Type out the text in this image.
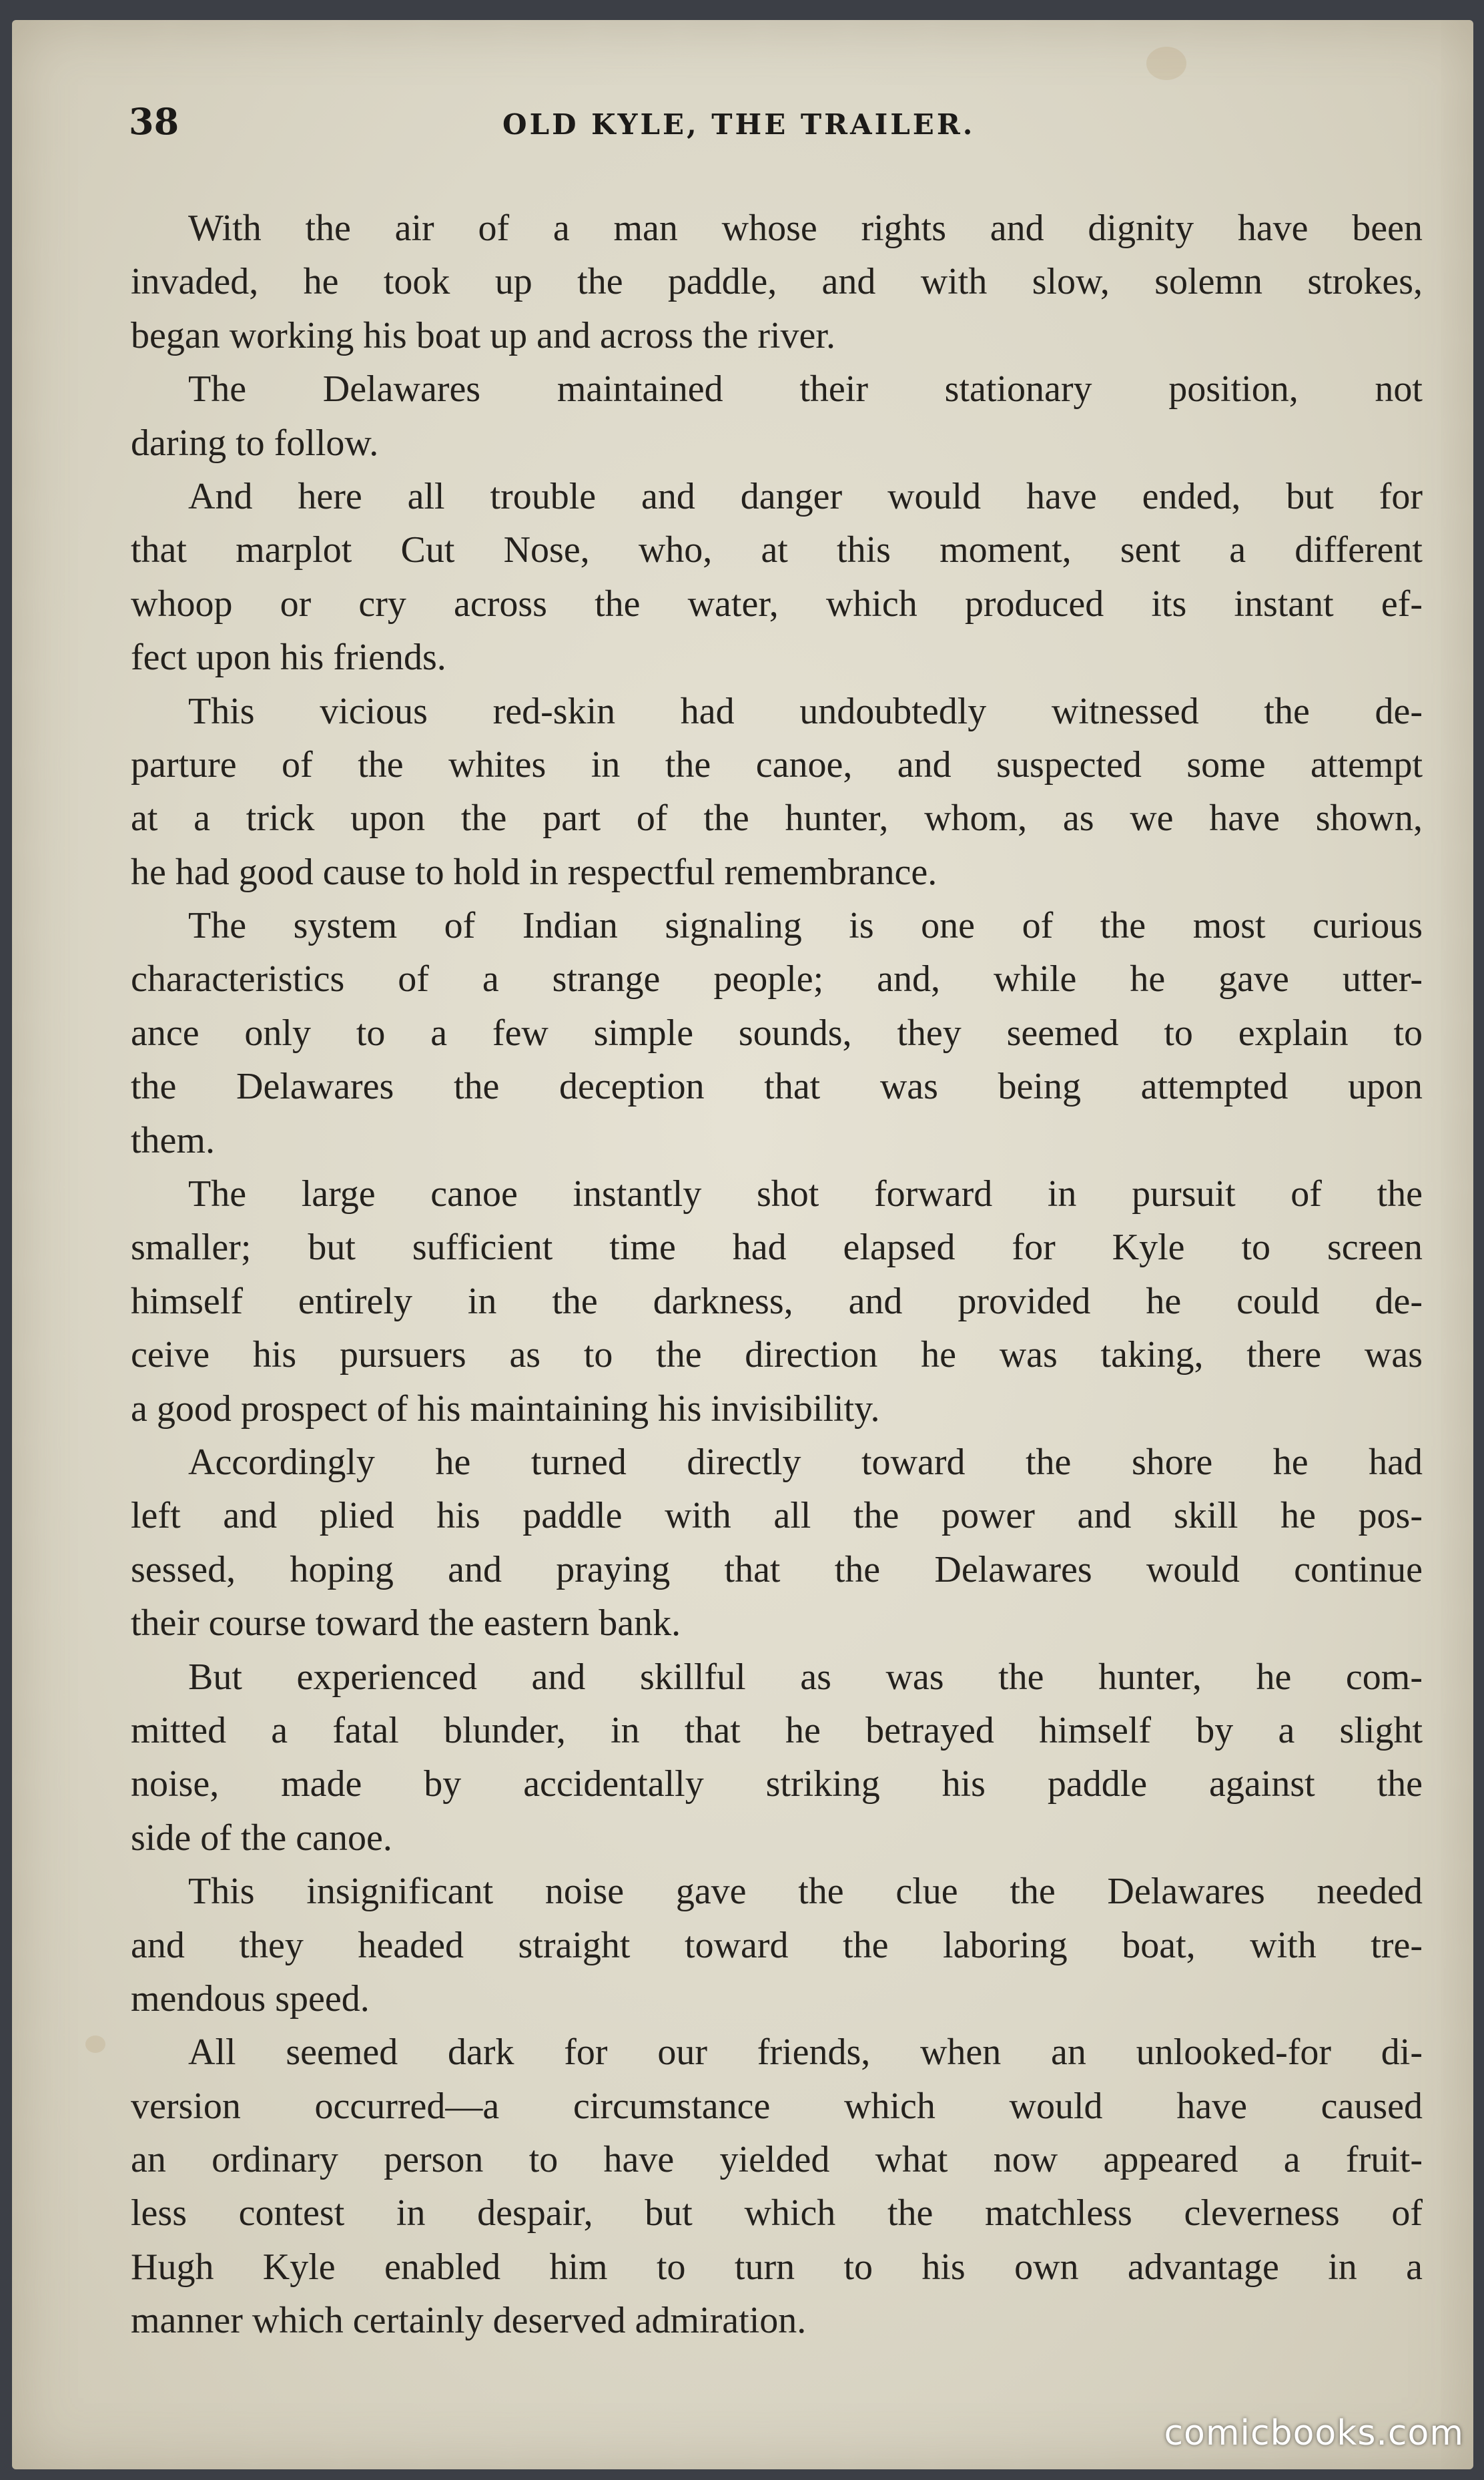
38	OLD KYLE, THE TRAILER.
With the air of a man whose rights and dignity have been
invaded, he took up the paddle, and with slow, solemn strokes,
began working his boat up and across the river.
The Delawares maintained their stationary position, not
daring to follow.
And here all trouble and danger would have ended, but for
that marplot Cut Nose, who, at this moment, sent a different
whoop or cry across the water, which produced its instant ef-
fect upon his friends.
This vicious red-skin had undoubtedly witnessed the de-
parture of the whites in the canoe, and suspected some attempt
at a trick upon the part of the hunter, whom, as we have shown,
he had good cause to hold in respectful remembrance.
The system of Indian signaling is one of the most curious
characteristics of a strange people; and, while he gave utter-
ance only to a few simple sounds, they seemed to explain to
the Delawares the deception that was being attempted upon
them.
The large canoe instantly shot forward in pursuit of the
smaller; but sufficient time had elapsed for Kyle to screen
himself entirely in the darkness, and provided he could de-
ceive his pursuers as to the direction he was taking, there was
a good prospect of his maintaining his invisibility.
Accordingly he turned directly toward the shore he had
left and plied his paddle with all the power and skill he pos-
sessed, hoping and praying that the Delawares would continue
their course toward the eastern bank.
But experienced and skillful as was the hunter, he com-
mitted a fatal blunder, in that he betrayed himself by a slight
noise, made by accidentally striking his paddle against the
side of the canoe.
This insignificant noise gave the clue the Delawares needed
and they headed straight toward the laboring boat, with tre-
mendous speed.
All seemed dark for our friends, when an unlooked-for di-
version occurred—a circumstance which would have caused
an ordinary person to have yielded what now appeared a fruit-
less contest in despair, but which the matchless cleverness of
Hugh Kyle enabled him to turn to his own advantage in a
manner which certainly deserved admiration.
comicbooks.com
